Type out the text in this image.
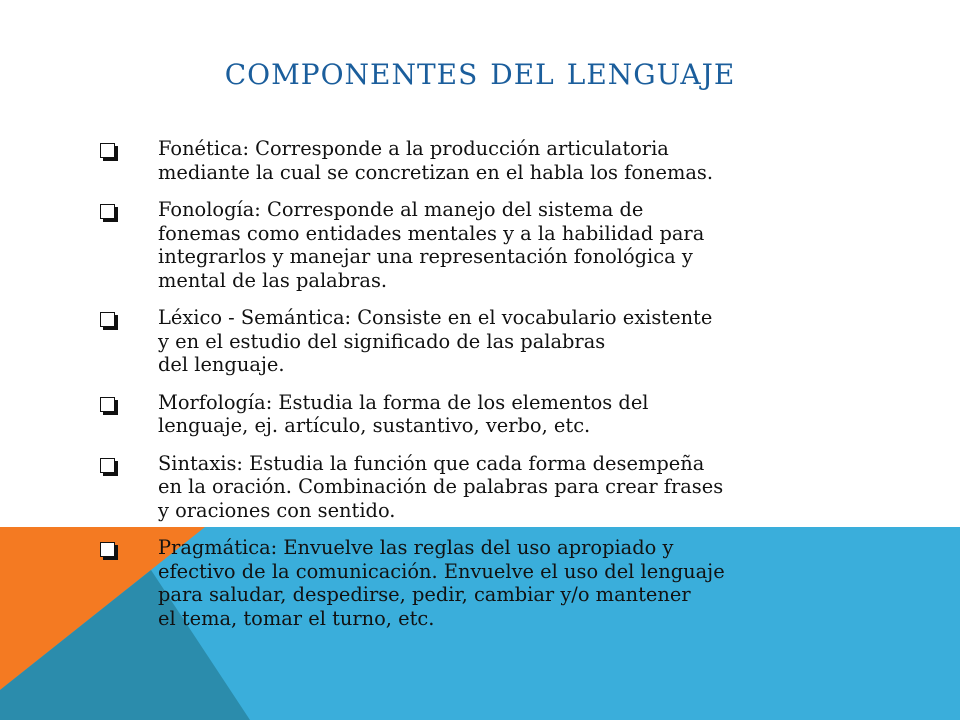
COMPONENTES DEL LENGUAJE
Fonética: Corresponde a la producción articulatoria
mediante la cual se concretizan en el habla los fonemas.
Fonología: Corresponde al manejo del sistema de
fonemas como entidades mentales y a la habilidad para
integrarlos y manejar una representación fonológica y
mental de las palabras.
Léxico - Semántica: Consiste en el vocabulario existente
y en el estudio del significado de las palabras
del lenguaje.
Morfología: Estudia la forma de los elementos del
lenguaje, ej. artículo, sustantivo, verbo, etc.
Sintaxis: Estudia la función que cada forma desempeña
en la oración. Combinación de palabras para crear frases
y oraciones con sentido.
Pragmática: Envuelve las reglas del uso apropiado y
efectivo de la comunicación. Envuelve el uso del lenguaje
para saludar, despedirse, pedir, cambiar y/o mantener
el tema, tomar el turno, etc.
